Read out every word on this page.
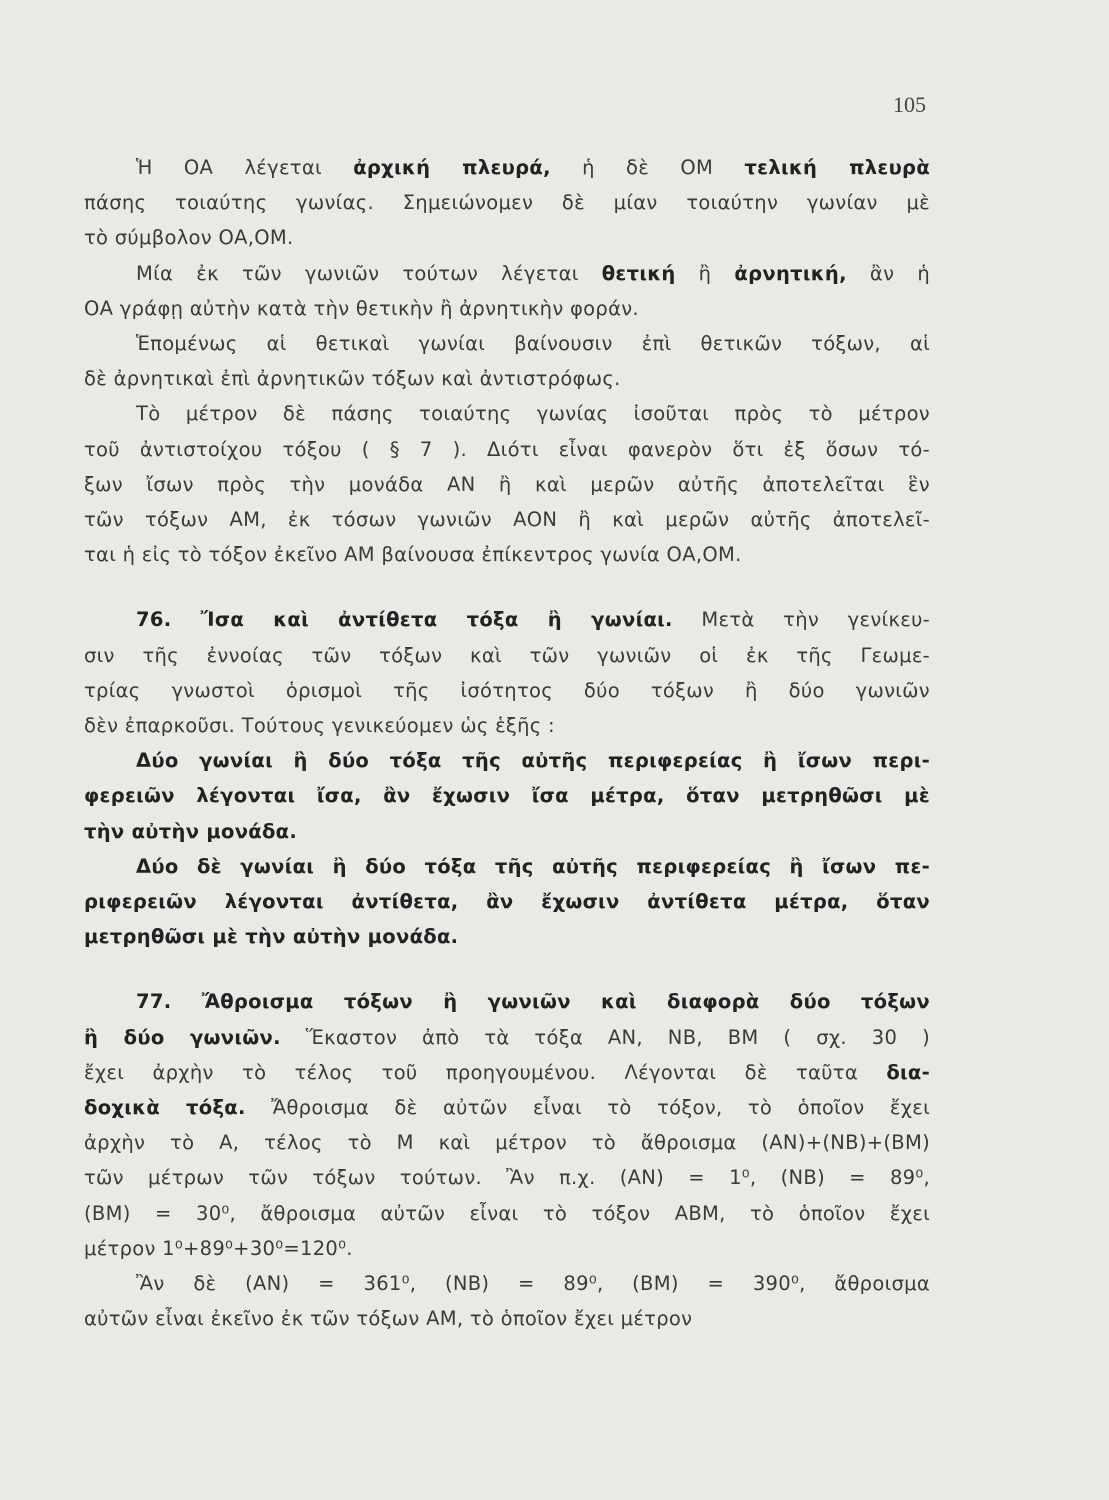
105
Ἡ ΟΑ λέγεται ἀρχική πλευρά, ἡ δὲ ΟΜ τελική πλευρὰ
πάσης τοιαύτης γωνίας. Σημειώνομεν δὲ μίαν τοιαύτην γωνίαν μὲ
τὸ σύμβολον ΟΑ,ΟΜ.
Μία ἐκ τῶν γωνιῶν τούτων λέγεται θετική ἢ ἀρνητική, ἂν ἡ
ΟΑ γράφῃ αὐτὴν κατὰ τὴν θετικὴν ἢ ἀρνητικὴν φοράν.
Ἑπομένως αἱ θετικαὶ γωνίαι βαίνουσιν ἐπὶ θετικῶν τόξων, αἱ
δὲ ἀρνητικαὶ ἐπὶ ἀρνητικῶν τόξων καὶ ἀντιστρόφως.
Τὸ μέτρον δὲ πάσης τοιαύτης γωνίας ἰσοῦται πρὸς τὸ μέτρον
τοῦ ἀντιστοίχου τόξου ( § 7 ). Διότι εἶναι φανερὸν ὅτι ἐξ ὅσων τό-
ξων ἴσων πρὸς τὴν μονάδα ΑΝ ἢ καὶ μερῶν αὐτῆς ἀποτελεῖται ἓν
τῶν τόξων ΑΜ, ἐκ τόσων γωνιῶν ΑΟΝ ἢ καὶ μερῶν αὐτῆς ἀποτελεῖ-
ται ἡ εἰς τὸ τόξον ἐκεῖνο ΑΜ βαίνουσα ἐπίκεντρος γωνία ΟΑ,ΟΜ.
76. Ἴσα καὶ ἀντίθετα τόξα ἢ γωνίαι. Μετὰ τὴν γενίκευ-
σιν τῆς ἐννοίας τῶν τόξων καὶ τῶν γωνιῶν οἱ ἐκ τῆς Γεωμε-
τρίας γνωστοὶ ὁρισμοὶ τῆς ἰσότητος δύο τόξων ἢ δύο γωνιῶν
δὲν ἐπαρκοῦσι. Τούτους γενικεύομεν ὡς ἑξῆς :
Δύο γωνίαι ἢ δύο τόξα τῆς αὐτῆς περιφερείας ἢ ἴσων περι-
φερειῶν λέγονται ἴσα, ἂν ἔχωσιν ἴσα μέτρα, ὅταν μετρηθῶσι μὲ
τὴν αὐτὴν μονάδα.
Δύο δὲ γωνίαι ἢ δύο τόξα τῆς αὐτῆς περιφερείας ἢ ἴσων πε-
ριφερειῶν λέγονται ἀντίθετα, ἂν ἔχωσιν ἀντίθετα μέτρα, ὅταν
μετρηθῶσι μὲ τὴν αὐτὴν μονάδα.
77. Ἄθροισμα τόξων ἢ γωνιῶν καὶ διαφορὰ δύο τόξων
ἢ δύο γωνιῶν. Ἕκαστον ἀπὸ τὰ τόξα ΑΝ, ΝΒ, ΒΜ ( σχ. 30 )
ἔχει ἀρχὴν τὸ τέλος τοῦ προηγουμένου. Λέγονται δὲ ταῦτα δια-
δοχικὰ τόξα. Ἄθροισμα δὲ αὐτῶν εἶναι τὸ τόξον, τὸ ὁποῖον ἔχει
ἀρχὴν τὸ Α, τέλος τὸ Μ καὶ μέτρον τὸ ἄθροισμα (ΑΝ)+(ΝΒ)+(ΒΜ)
τῶν μέτρων τῶν τόξων τούτων. Ἂν π.χ. (ΑΝ) = 1⁰, (ΝΒ) = 89⁰,
(ΒΜ) = 30⁰, ἄθροισμα αὐτῶν εἶναι τὸ τόξον ΑΒΜ, τὸ ὁποῖον ἔχει
μέτρον 1⁰+89⁰+30⁰=120⁰.
Ἂν δὲ (ΑΝ) = 361⁰, (ΝΒ) = 89⁰, (ΒΜ) = 390⁰, ἄθροισμα
αὐτῶν εἶναι ἐκεῖνο ἐκ τῶν τόξων ΑΜ, τὸ ὁποῖον ἔχει μέτρον
